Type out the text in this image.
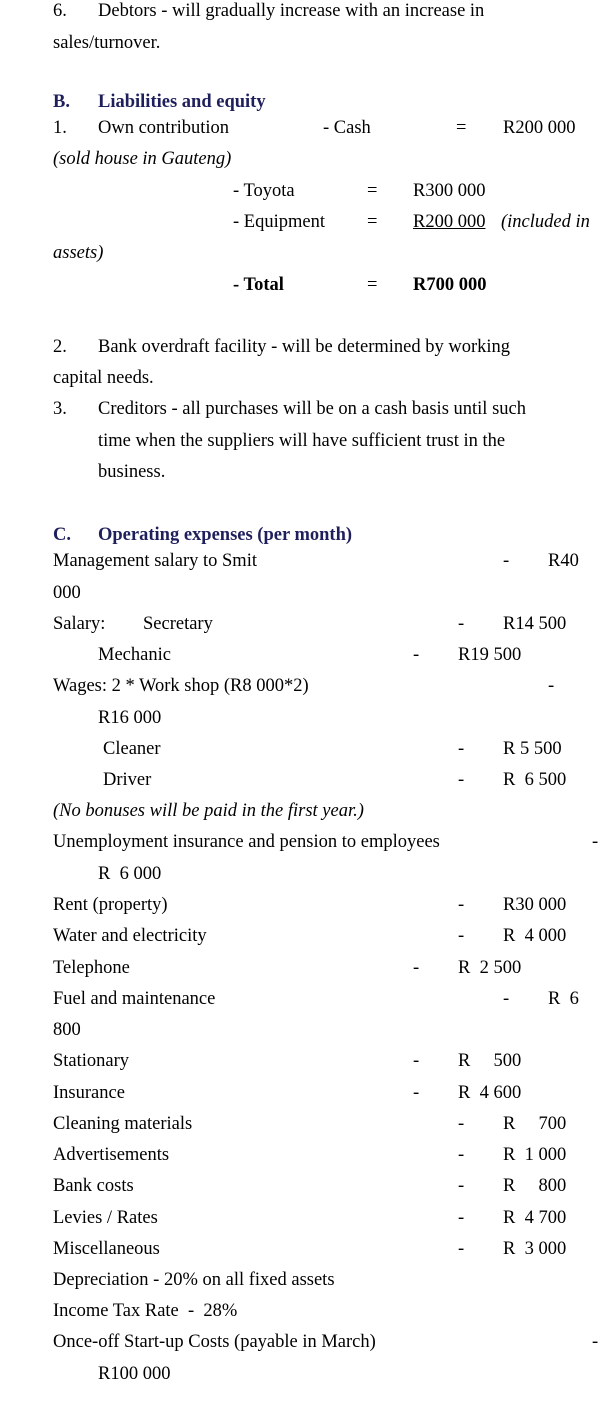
6. Debtors - will gradually increase with an increase in
sales/turnover.
B. Liabilities and equity
1. Own contribution	- Cash	= R200 000
(sold house in Gauteng)
- Toyota	= R300 000
- Equipment = R200 000 (included in
assets)
- Total	= R700 000
2. Bank overdraft facility - will be determined by working
capital needs.
3. Creditors - all purchases will be on a cash basis until such
time when the suppliers will have sufficient trust in the
business.
C. Operating expenses (per month)
Management salary to Smit	- R40
000
Salary: Secretary	- R14 500
Mechanic	- R19 500
Wages: 2 * Work shop (R8 000*2)	-
R16 000
Cleaner	- R 5 500
Driver	- R  6 500
(No bonuses will be paid in the first year.)
Unemployment insurance and pension to employees	-
R  6 000
Rent (property)	- R30 000
Water and electricity	- R  4 000
Telephone	- R  2 500
Fuel and maintenance	- R  6
800
Stationary	- R     500
Insurance	- R  4 600
Cleaning materials	- R     700
Advertisements	- R  1 000
Bank costs	- R     800
Levies / Rates	- R  4 700
Miscellaneous	- R  3 000
Depreciation - 20% on all fixed assets
Income Tax Rate  -  28%
Once-off Start-up Costs (payable in March)	-
R100 000
